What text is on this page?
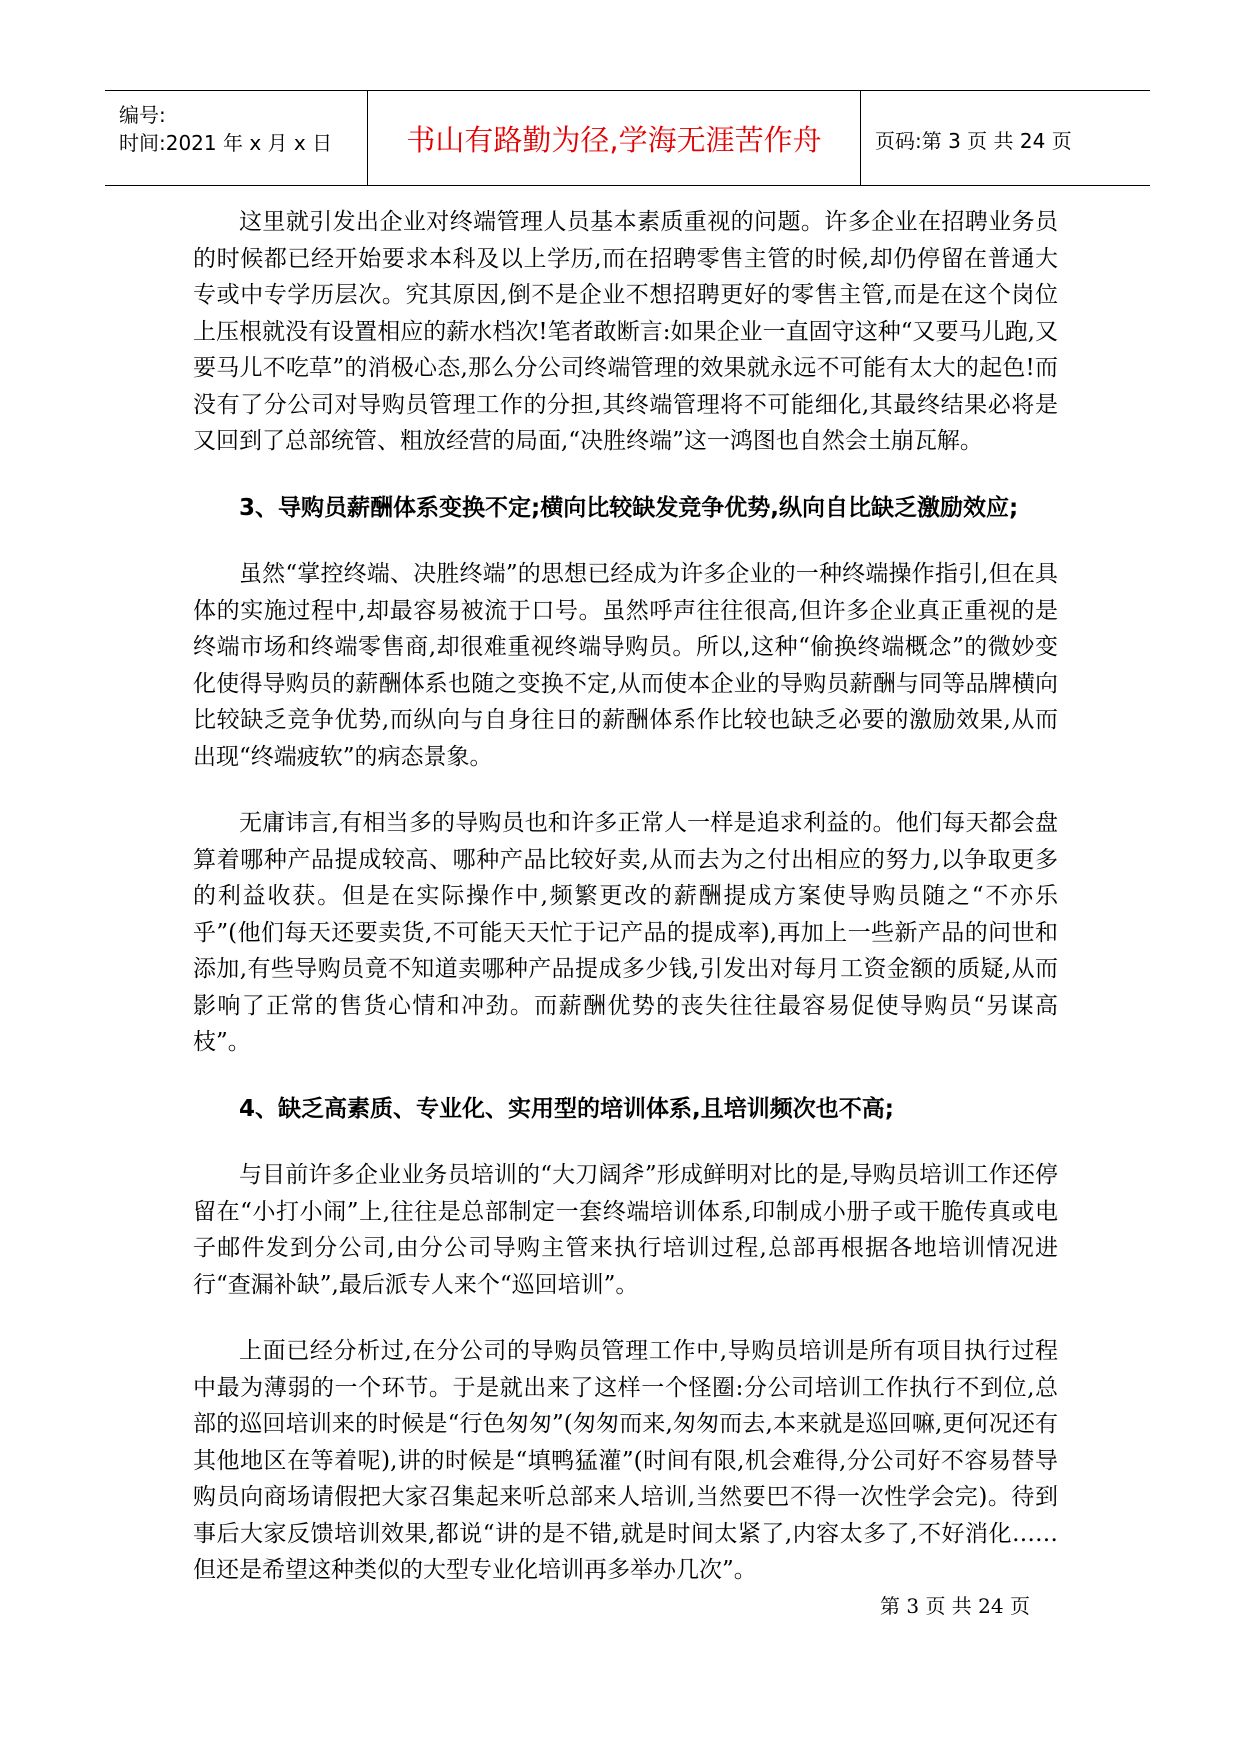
编号:
时间:2021 年 x 月 x 日	书山有路勤为径,学海无涯苦作舟	页码:第 3 页 共 24 页

这里就引发出企业对终端管理人员基本素质重视的问题。许多企业在招聘业务员的时候都已经开始要求本科及以上学历,而在招聘零售主管的时候,却仍停留在普通大专或中专学历层次。究其原因,倒不是企业不想招聘更好的零售主管,而是在这个岗位上压根就没有设置相应的薪水档次!笔者敢断言:如果企业一直固守这种“又要马儿跑,又要马儿不吃草”的消极心态,那么分公司终端管理的效果就永远不可能有太大的起色!而没有了分公司对导购员管理工作的分担,其终端管理将不可能细化,其最终结果必将是又回到了总部统管、粗放经营的局面,“决胜终端”这一鸿图也自然会土崩瓦解。

3、导购员薪酬体系变换不定;横向比较缺发竞争优势,纵向自比缺乏激励效应;

虽然“掌控终端、决胜终端”的思想已经成为许多企业的一种终端操作指引,但在具体的实施过程中,却最容易被流于口号。虽然呼声往往很高,但许多企业真正重视的是终端市场和终端零售商,却很难重视终端导购员。所以,这种“偷换终端概念”的微妙变化使得导购员的薪酬体系也随之变换不定,从而使本企业的导购员薪酬与同等品牌横向比较缺乏竞争优势,而纵向与自身往日的薪酬体系作比较也缺乏必要的激励效果,从而出现“终端疲软”的病态景象。

无庸讳言,有相当多的导购员也和许多正常人一样是追求利益的。他们每天都会盘算着哪种产品提成较高、哪种产品比较好卖,从而去为之付出相应的努力,以争取更多的利益收获。但是在实际操作中,频繁更改的薪酬提成方案使导购员随之“不亦乐乎”(他们每天还要卖货,不可能天天忙于记产品的提成率),再加上一些新产品的问世和添加,有些导购员竟不知道卖哪种产品提成多少钱,引发出对每月工资金额的质疑,从而影响了正常的售货心情和冲劲。而薪酬优势的丧失往往最容易促使导购员“另谋高枝”。

4、缺乏高素质、专业化、实用型的培训体系,且培训频次也不高;

与目前许多企业业务员培训的“大刀阔斧”形成鲜明对比的是,导购员培训工作还停留在“小打小闹”上,往往是总部制定一套终端培训体系,印制成小册子或干脆传真或电子邮件发到分公司,由分公司导购主管来执行培训过程,总部再根据各地培训情况进行“查漏补缺”,最后派专人来个“巡回培训”。

上面已经分析过,在分公司的导购员管理工作中,导购员培训是所有项目执行过程中最为薄弱的一个环节。于是就出来了这样一个怪圈:分公司培训工作执行不到位,总部的巡回培训来的时候是“行色匆匆”(匆匆而来,匆匆而去,本来就是巡回嘛,更何况还有其他地区在等着呢),讲的时候是“填鸭猛灌”(时间有限,机会难得,分公司好不容易替导购员向商场请假把大家召集起来听总部来人培训,当然要巴不得一次性学会完)。待到事后大家反馈培训效果,都说“讲的是不错,就是时间太紧了,内容太多了,不好消化……但还是希望这种类似的大型专业化培训再多举办几次”。

第 3 页 共 24 页
